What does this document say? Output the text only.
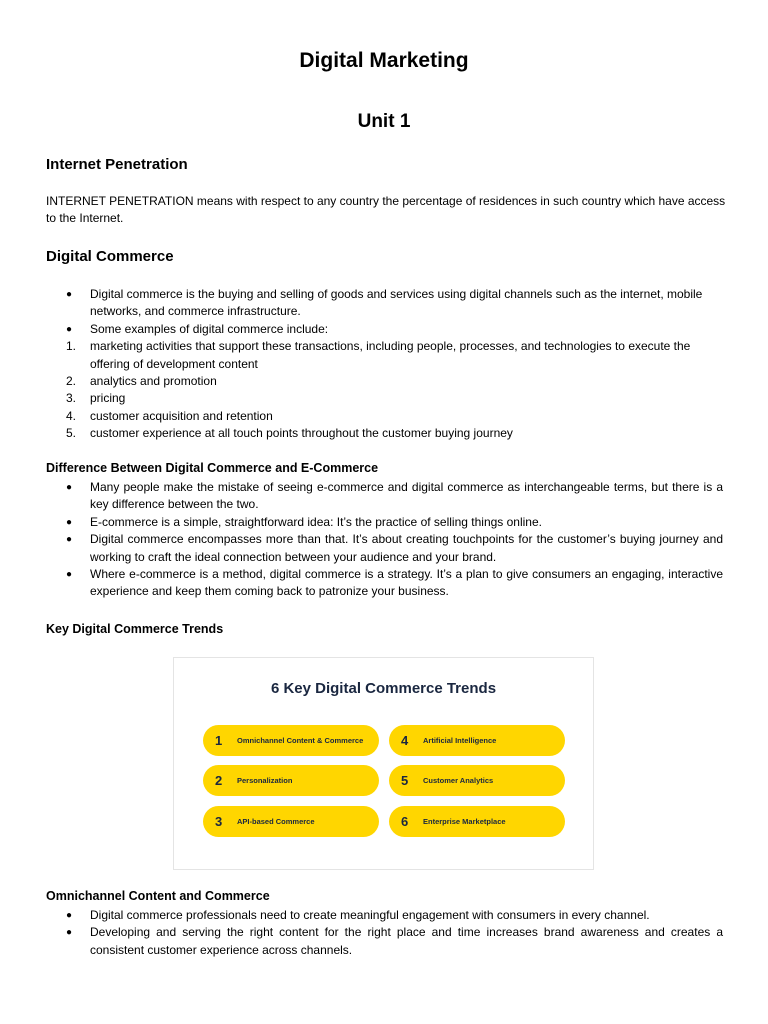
Digital Marketing
Unit 1
Internet Penetration
INTERNET PENETRATION means with respect to any country the percentage of residences in such country which have access to the Internet.
Digital Commerce
● Digital commerce is the buying and selling of goods and services using digital channels such as the internet, mobile networks, and commerce infrastructure.
● Some examples of digital commerce include:
1. marketing activities that support these transactions, including people, processes, and technologies to execute the offering of development content
2. analytics and promotion
3. pricing
4. customer acquisition and retention
5. customer experience at all touch points throughout the customer buying journey
Difference Between Digital Commerce and E-Commerce
● Many people make the mistake of seeing e-commerce and digital commerce as interchangeable terms, but there is a key difference between the two.
● E-commerce is a simple, straightforward idea: It’s the practice of selling things online.
● Digital commerce encompasses more than that. It’s about creating touchpoints for the customer’s buying journey and working to craft the ideal connection between your audience and your brand.
● Where e-commerce is a method, digital commerce is a strategy. It’s a plan to give consumers an engaging, interactive experience and keep them coming back to patronize your business.
Key Digital Commerce Trends
6 Key Digital Commerce Trends
1	Omnichannel Content & Commerce
2	Personalization
3	API-based Commerce
4	Artificial Intelligence
5	Customer Analytics
6	Enterprise Marketplace
Omnichannel Content and Commerce
● Digital commerce professionals need to create meaningful engagement with consumers in every channel.
● Developing and serving the right content for the right place and time increases brand awareness and creates a consistent customer experience across channels.
